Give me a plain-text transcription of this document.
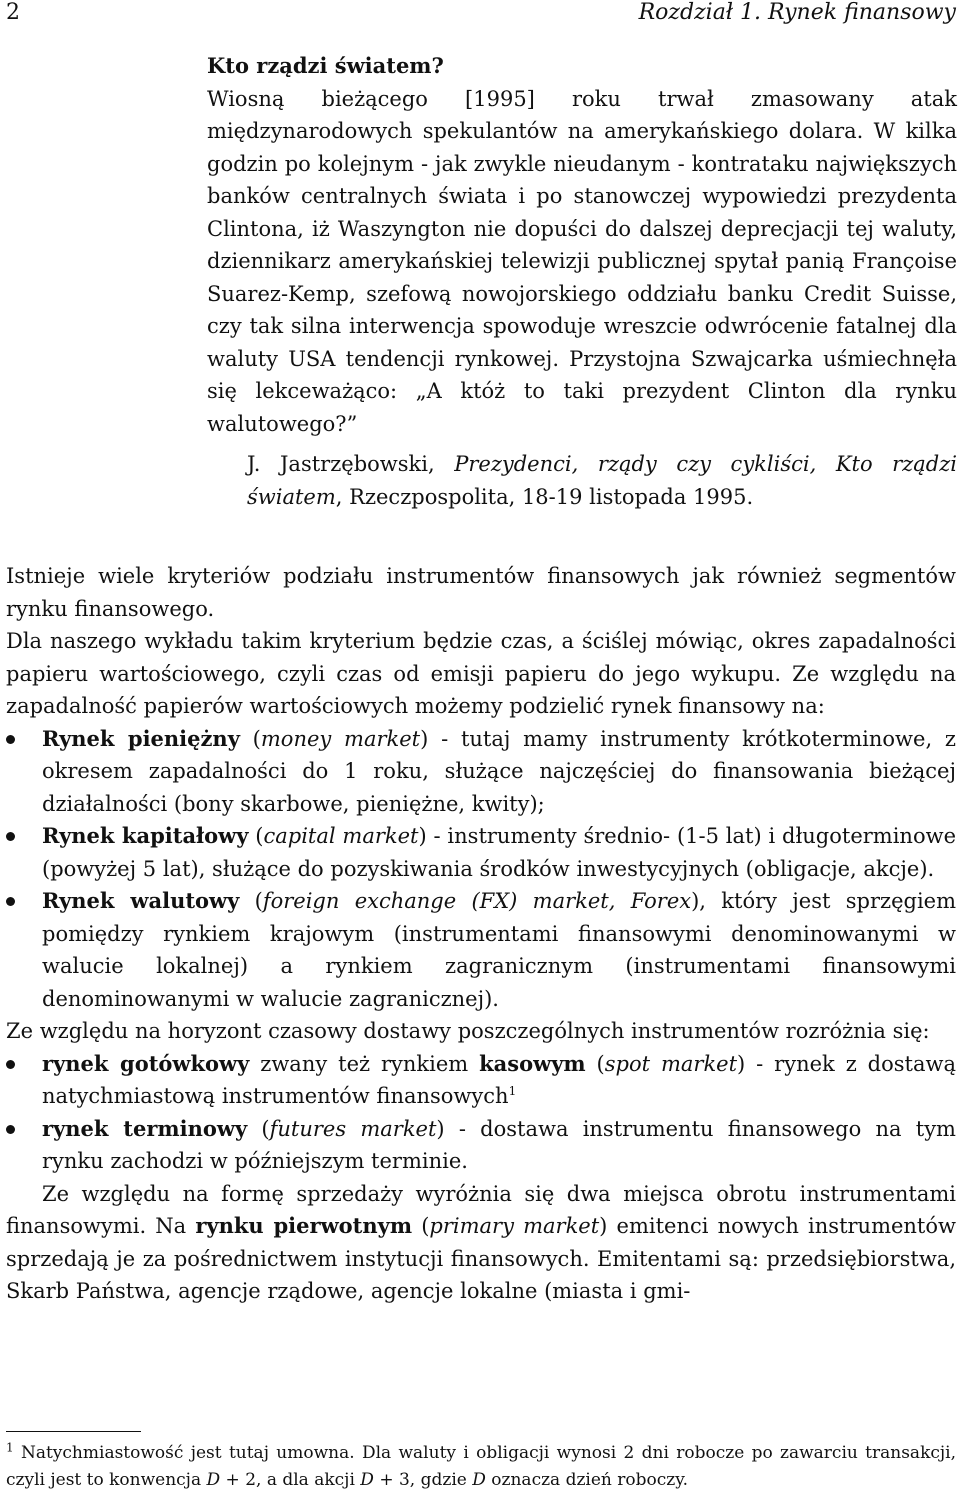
2	Rozdział 1. Rynek finansowy
Kto rządzi światem?
Wiosną bieżącego [1995] roku trwał zmasowany atak międzynarodowych spekulantów na amerykańskiego dolara. W kilka godzin po kolejnym - jak zwykle nieudanym - kontrataku największych banków centralnych świata i po stanowczej wypowiedzi prezydenta Clintona, iż Waszyngton nie dopuści do dalszej deprecjacji tej waluty, dziennikarz amerykańskiej telewizji publicznej spytał panią Françoise Suarez-Kemp, szefową nowojorskiego oddziału banku Credit Suisse, czy tak silna interwencja spowoduje wreszcie odwrócenie fatalnej dla waluty USA tendencji rynkowej. Przystojna Szwajcarka uśmiechnęła się lekceważąco: „A któż to taki prezydent Clinton dla rynku walutowego?”
J. Jastrzębowski, Prezydenci, rządy czy cykliści, Kto rządzi światem, Rzeczpospolita, 18-19 listopada 1995.

Istnieje wiele kryteriów podziału instrumentów finansowych jak również segmentów rynku finansowego.

Dla naszego wykładu takim kryterium będzie czas, a ściślej mówiąc, okres zapadalności papieru wartościowego, czyli czas od emisji papieru do jego wykupu. Ze względu na zapadalność papierów wartościowych możemy podzielić rynek finansowy na:

Rynek pieniężny (money market) - tutaj mamy instrumenty krótkoterminowe, z okresem zapadalności do 1 roku, służące najczęściej do finansowania bieżącej działalności (bony skarbowe, pieniężne, kwity);
Rynek kapitałowy (capital market) - instrumenty średnio- (1-5 lat) i długoterminowe (powyżej 5 lat), służące do pozyskiwania środków inwestycyjnych (obligacje, akcje).
Rynek walutowy (foreign exchange (FX) market, Forex), który jest sprzęgiem pomiędzy rynkiem krajowym (instrumentami finansowymi denominowanymi w walucie lokalnej) a rynkiem zagranicznym (instrumentami finansowymi denominowanymi w walucie zagranicznej).

Ze względu na horyzont czasowy dostawy poszczególnych instrumentów rozróżnia się:

rynek gotówkowy zwany też rynkiem kasowym (spot market) - rynek z dostawą natychmiastową instrumentów finansowych$^1$
rynek terminowy (futures market) - dostawa instrumentu finansowego na tym rynku zachodzi w późniejszym terminie.

Ze względu na formę sprzedaży wyróżnia się dwa miejsca obrotu instrumentami finansowymi. Na rynku pierwotnym (primary market) emitenci nowych instrumentów sprzedają je za pośrednictwem instytucji finansowych. Emitentami są: przedsiębiorstwa, Skarb Państwa, agencje rządowe, agencje lokalne (miasta i gmi-

$^1$ Natychmiastowość jest tutaj umowna. Dla waluty i obligacji wynosi 2 dni robocze po zawarciu transakcji, czyli jest to konwencja D + 2, a dla akcji D + 3, gdzie D oznacza dzień roboczy.
